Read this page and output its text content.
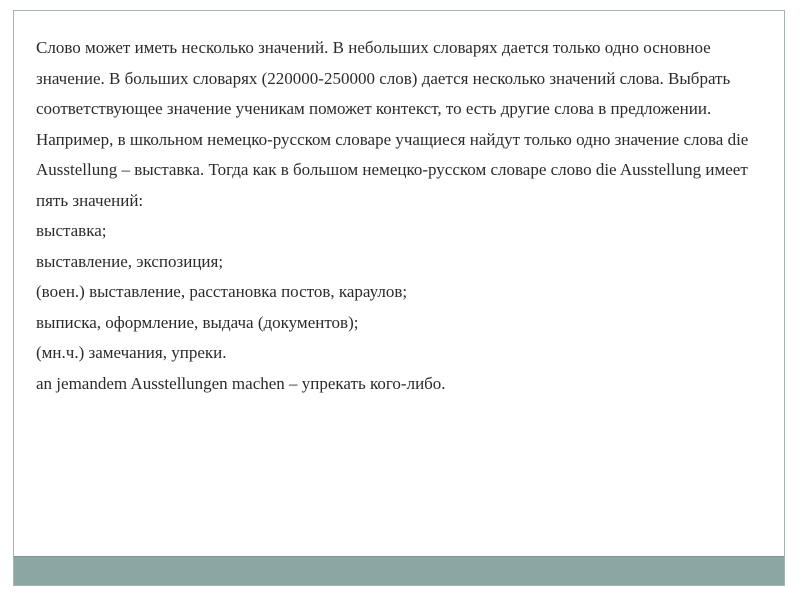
Слово может иметь несколько значений. В небольших словарях дается только одно основное значение. В больших словарях (220000-250000 слов) дается несколько значений слова. Выбрать соответствующее значение ученикам поможет контекст, то есть другие слова в предложении. Например, в школьном немецко-русском словаре учащиеся найдут только одно значение слова die Ausstellung – выставка. Тогда как в большом немецко-русском словаре слово die Ausstellung имеет пять значений:

выставка;

выставление, экспозиция;

(воен.) выставление, расстановка постов, караулов;

выписка, оформление, выдача (документов);

(мн.ч.) замечания, упреки.

an jemandem Ausstellungen machen – упрекать кого-либо.
